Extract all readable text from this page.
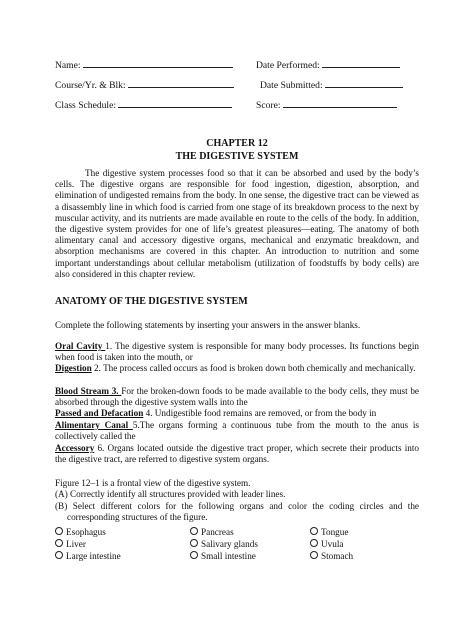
Name:	Date Performed:
Course/Yr. & Blk:	Date Submitted:
Class Schedule:	Score:
CHAPTER 12
THE DIGESTIVE SYSTEM
The digestive system processes food so that it can be absorbed and used by the body’s cells. The digestive organs are responsible for food ingestion, digestion, absorption, and elimination of undigested remains from the body. In one sense, the digestive tract can be viewed as a disassembly line in which food is carried from one stage of its breakdown process to the next by muscular activity, and its nutrients are made available en route to the cells of the body. In addition, the digestive system provides for one of life’s greatest pleasures—eating. The anatomy of both alimentary canal and accessory digestive organs, mechanical and enzymatic breakdown, and absorption mechanisms are covered in this chapter. An introduction to nutrition and some important understandings about cellular metabolism (utilization of foodstuffs by body cells) are also considered in this chapter review.
ANATOMY OF THE DIGESTIVE SYSTEM
Complete the following statements by inserting your answers in the answer blanks.
Oral Cavity 1. The digestive system is responsible for many body processes. Its functions begin when food is taken into the mouth, or
Digestion 2. The process called occurs as food is broken down both chemically and mechanically.
Blood Stream 3. For the broken-down foods to be made available to the body cells, they must be absorbed through the digestive system walls into the
Passed and Defacation 4. Undigestible food remains are removed, or from the body in
Alimentary Canal 5.The organs forming a continuous tube from the mouth to the anus is collectively called the
Accessory 6. Organs located outside the digestive tract proper, which secrete their products into the digestive tract, are referred to digestive system organs.
Figure 12–1 is a frontal view of the digestive system.
(A) Correctly identify all structures provided with leader lines.
(B) Select different colors for the following organs and color the coding circles and the corresponding structures of the figure.
Esophagus	Pancreas	Tongue
Liver	Salivary glands	Uvula
Large intestine	Small intestine	Stomach
